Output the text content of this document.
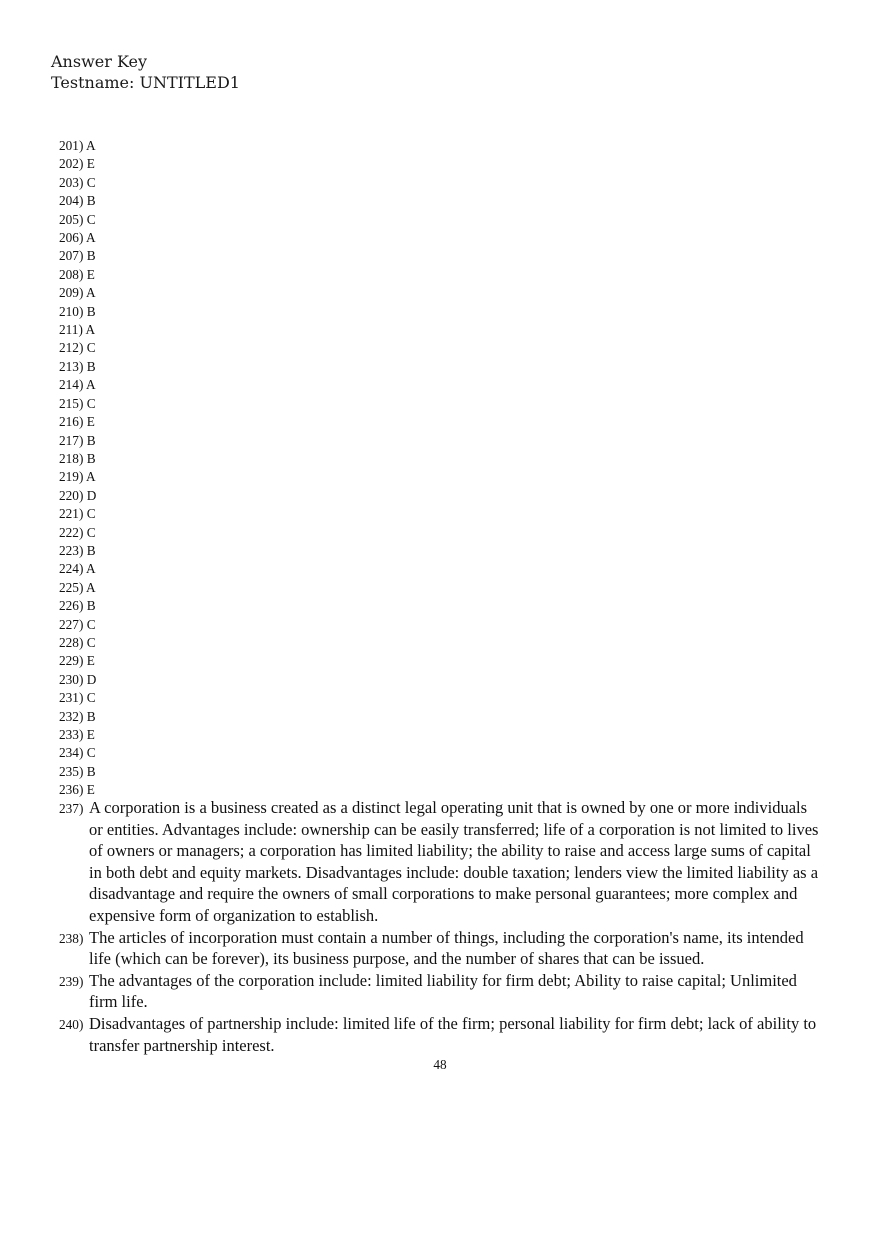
Answer Key
Testname: UNTITLED1
201) A
202) E
203) C
204) B
205) C
206) A
207) B
208) E
209) A
210) B
211) A
212) C
213) B
214) A
215) C
216) E
217) B
218) B
219) A
220) D
221) C
222) C
223) B
224) A
225) A
226) B
227) C
228) C
229) E
230) D
231) C
232) B
233) E
234) C
235) B
236) E
237) A corporation is a business created as a distinct legal operating unit that is owned by one or more individuals or entities. Advantages include: ownership can be easily transferred; life of a corporation is not limited to lives of owners or managers; a corporation has limited liability; the ability to raise and access large sums of capital in both debt and equity markets. Disadvantages include: double taxation; lenders view the limited liability as a disadvantage and require the owners of small corporations to make personal guarantees; more complex and expensive form of organization to establish.
238) The articles of incorporation must contain a number of things, including the corporation's name, its intended life (which can be forever), its business purpose, and the number of shares that can be issued.
239) The advantages of the corporation include: limited liability for firm debt; Ability to raise capital; Unlimited firm life.
240) Disadvantages of partnership include: limited life of the firm; personal liability for firm debt; lack of ability to transfer partnership interest.
48
